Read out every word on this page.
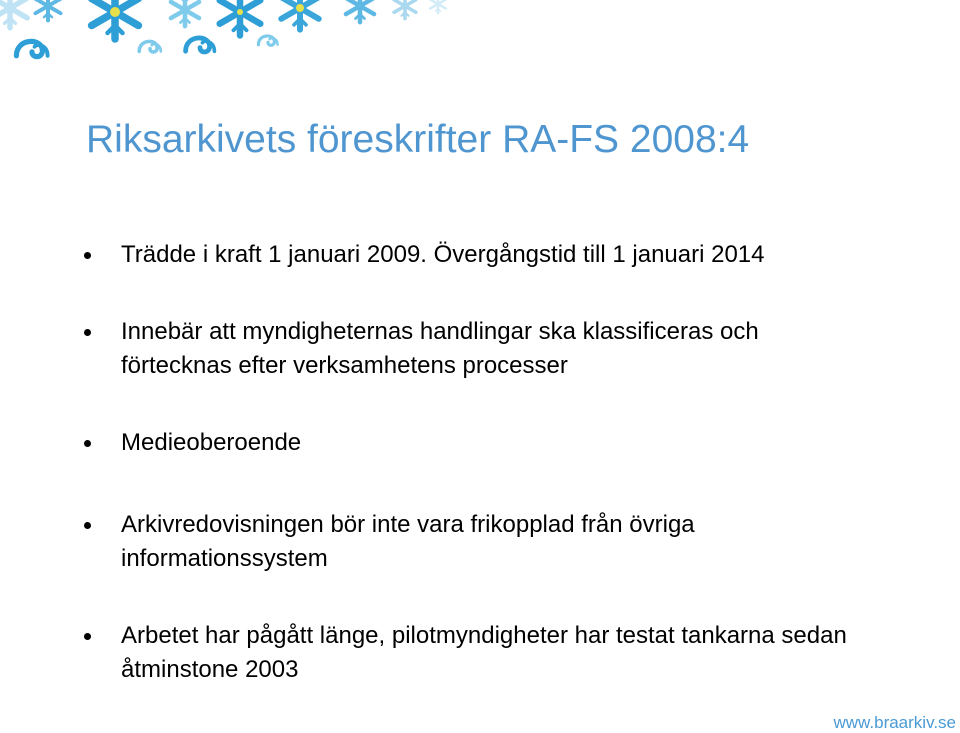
Riksarkivets föreskrifter RA-FS 2008:4
Trädde i kraft 1 januari 2009. Övergångstid till 1 januari 2014
Innebär att myndigheternas handlingar ska klassificeras och förtecknas efter verksamhetens processer
Medieoberoende
Arkivredovisningen bör inte vara frikopplad från övriga informationssystem
Arbetet har pågått länge, pilotmyndigheter har testat tankarna sedan åtminstone 2003
www.braarkiv.se
